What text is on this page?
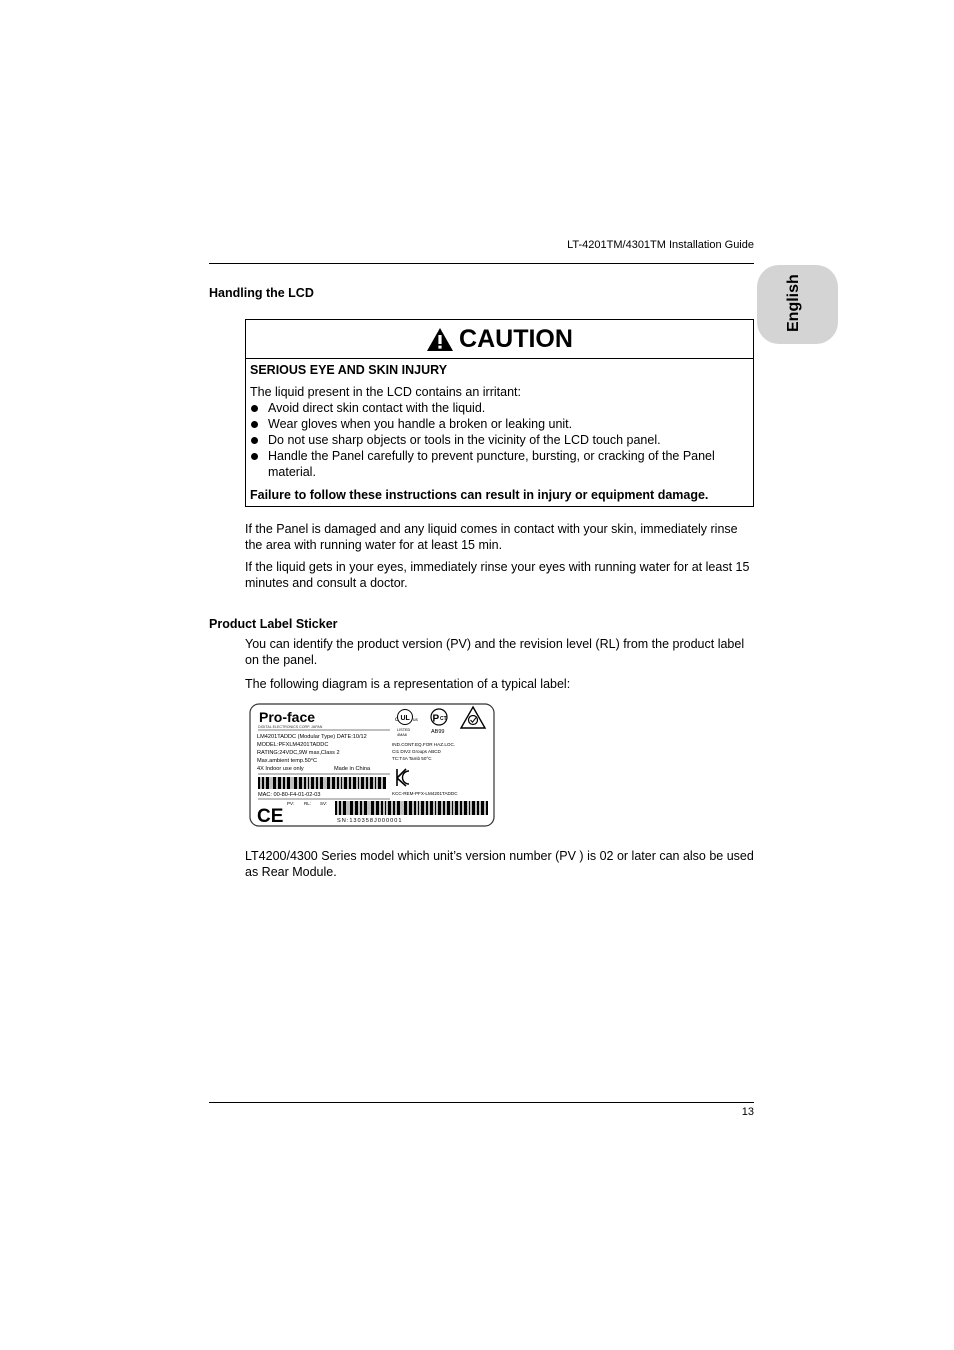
LT-4201TM/4301TM Installation Guide
English
Handling the LCD
CAUTION
SERIOUS EYE AND SKIN INJURY
The liquid present in the LCD contains an irritant:
Avoid direct skin contact with the liquid.
Wear gloves when you handle a broken or leaking unit.
Do not use sharp objects or tools in the vicinity of the LCD touch panel.
Handle the Panel carefully to prevent puncture, bursting, or cracking of the Panel material.
Failure to follow these instructions can result in injury or equipment damage.
If the Panel is damaged and any liquid comes in contact with your skin, immediately rinse the area with running water for at least 15 min.
If the liquid gets in your eyes, immediately rinse your eyes with running water for at least 15 minutes and consult a doctor.
Product Label Sticker
You can identify the product version (PV) and the revision level (RL) from the product label on the panel.
The following diagram is a representation of a typical label:
Pro-face
DIGITAL ELECTRONICS CORP. JAPAN
LM4201TADDC (Modular Type) DATE:10/12
MODEL:PFXLM4201TADDC
RATING:24VDC,9W max,Class 2
Max.ambient temp.50°C
4X Indoor use only	Made in China
MAC: 00-80-F4-01-02-03
PV: RL: SV:
CE	SN:130358J000001
UL
c	us
LISTED
4MA6
P CT
AB99
IND.CONT.EQ.FOR HAZ.LOC.
CI1 DIV2 Groups ABCD
TC:T4A Tamb 50°C
KCC-REM-PFX-LM4201TADDC
LT4200/4300 Series model which unit’s version number (PV ) is 02 or later can also be used as Rear Module.
13
